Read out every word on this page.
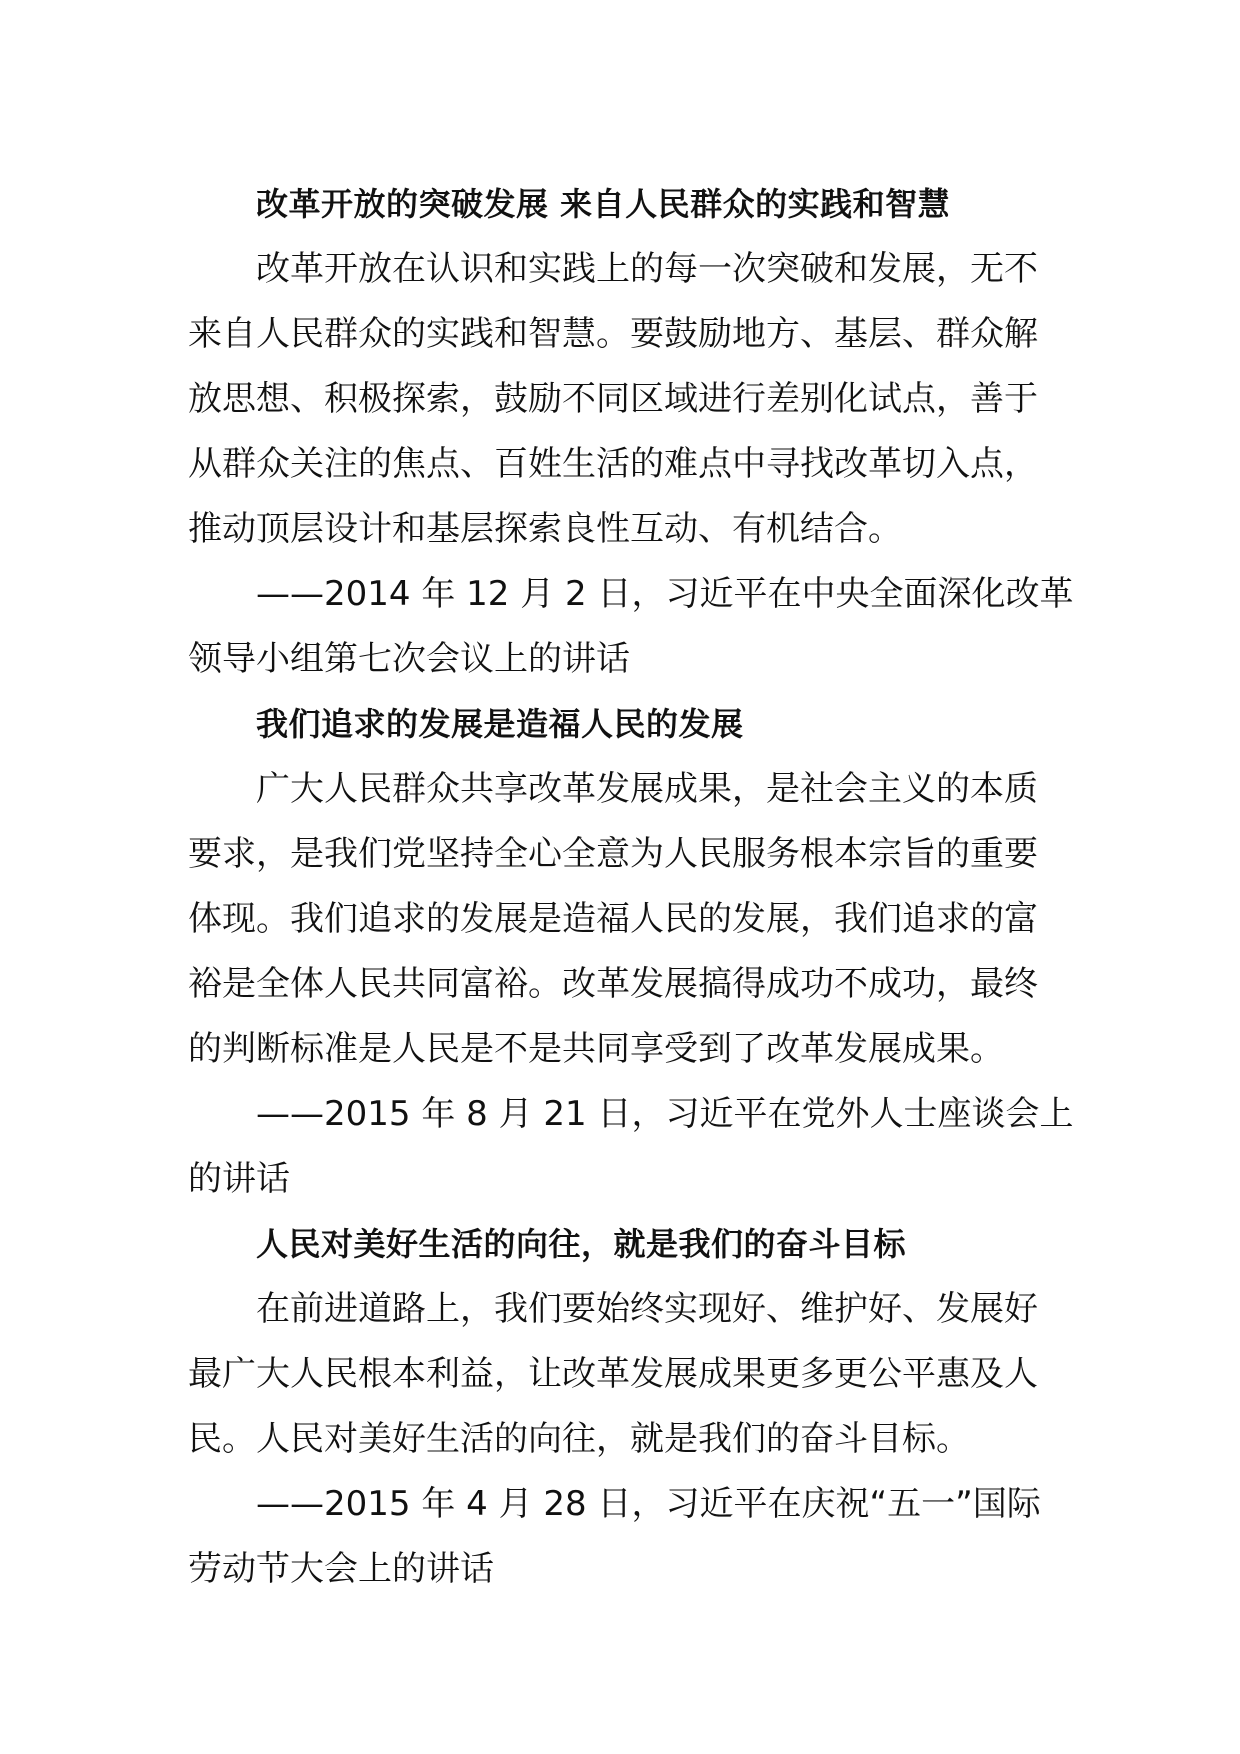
改革开放的突破发展 来自人民群众的实践和智慧
改革开放在认识和实践上的每一次突破和发展，无不
来自人民群众的实践和智慧。要鼓励地方、基层、群众解
放思想、积极探索，鼓励不同区域进行差别化试点，善于
从群众关注的焦点、百姓生活的难点中寻找改革切入点，
推动顶层设计和基层探索良性互动、有机结合。
——2014 年 12 月 2 日，习近平在中央全面深化改革
领导小组第七次会议上的讲话
我们追求的发展是造福人民的发展
广大人民群众共享改革发展成果，是社会主义的本质
要求，是我们党坚持全心全意为人民服务根本宗旨的重要
体现。我们追求的发展是造福人民的发展，我们追求的富
裕是全体人民共同富裕。改革发展搞得成功不成功，最终
的判断标准是人民是不是共同享受到了改革发展成果。
——2015 年 8 月 21 日，习近平在党外人士座谈会上
的讲话
人民对美好生活的向往，就是我们的奋斗目标
在前进道路上，我们要始终实现好、维护好、发展好
最广大人民根本利益，让改革发展成果更多更公平惠及人
民。人民对美好生活的向往，就是我们的奋斗目标。
——2015 年 4 月 28 日，习近平在庆祝“五一”国际
劳动节大会上的讲话
